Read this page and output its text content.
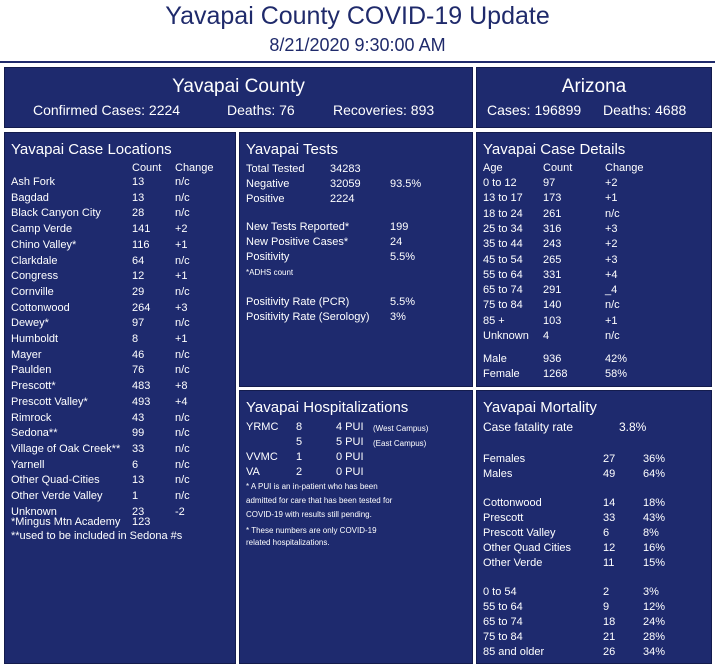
Yavapai County COVID-19 Update
8/21/2020 9:30:00 AM
Yavapai County
Confirmed Cases: 2224	Deaths: 76	Recoveries: 893
Arizona
Cases: 196899 Deaths: 4688
Yavapai Case Locations
Count Change
*Mingus Mtn Academy 123
**used to be included in Sedona #s
Ash Fork	13	n/c
Bagdad	13	n/c
Black Canyon City	28	n/c
Camp Verde	141 +2
Chino Valley*	116 +1
Clarkdale	64	n/c
Congress	12	+1
Cornville	29	n/c
Cottonwood	264 +3
Dewey*	97	n/c
Humboldt	8	+1
Mayer	46	n/c
Paulden	76	n/c
Prescott*	483 +8
Prescott Valley*	493 +4
Rimrock	43	n/c
Sedona**	99	n/c
Village of Oak Creek** 33	n/c
Yarnell	6	n/c
Other Quad-Cities	13	n/c
Other Verde Valley	1	n/c
Unknown	23	-2
Yavapai Tests
*ADHS count
Total Tested 34283
Negative	32059	93.5%
Positive	2224
New Tests Reported*	199
New Positive Cases*	24
Positivity	5.5%
Positivity Rate (PCR)	5.5%
Positivity Rate (Serology) 3%
Yavapai Hospitalizations
YRMC 8	4 PUI (West Campus)
5	5 PUI (East Campus)
VVMC 1	0 PUI
VA	2	0 PUI
* A PUI is an in-patient who has been
admitted for care that has been tested for
COVID-19 with results still pending.
* These numbers are only COVID-19
related hospitalizations.
Yavapai Case Details
Age	Count	Change
0 to 12 97	+2
13 to 17 173	+1
18 to 24 261	n/c
25 to 34 316	+3
35 to 44 243	+2
45 to 54 265	+3
55 to 64 331	+4
65 to 74 291	_4
75 to 84 140	n/c
85 +	103	+1
Unknown 4	n/c
Male	936	42%
Female 1268	58%
Yavapai Mortality
Case fatality rate	3.8%
Females	27	36%
Males	49	64%
Cottonwood	14	18%
Prescott	33	43%
Prescott Valley	6	8%
Other Quad Cities	12	16%
Other Verde	11	15%
0 to 54	2	3%
55 to 64	9	12%
65 to 74	18	24%
75 to 84	21	28%
85 and older	26	34%
